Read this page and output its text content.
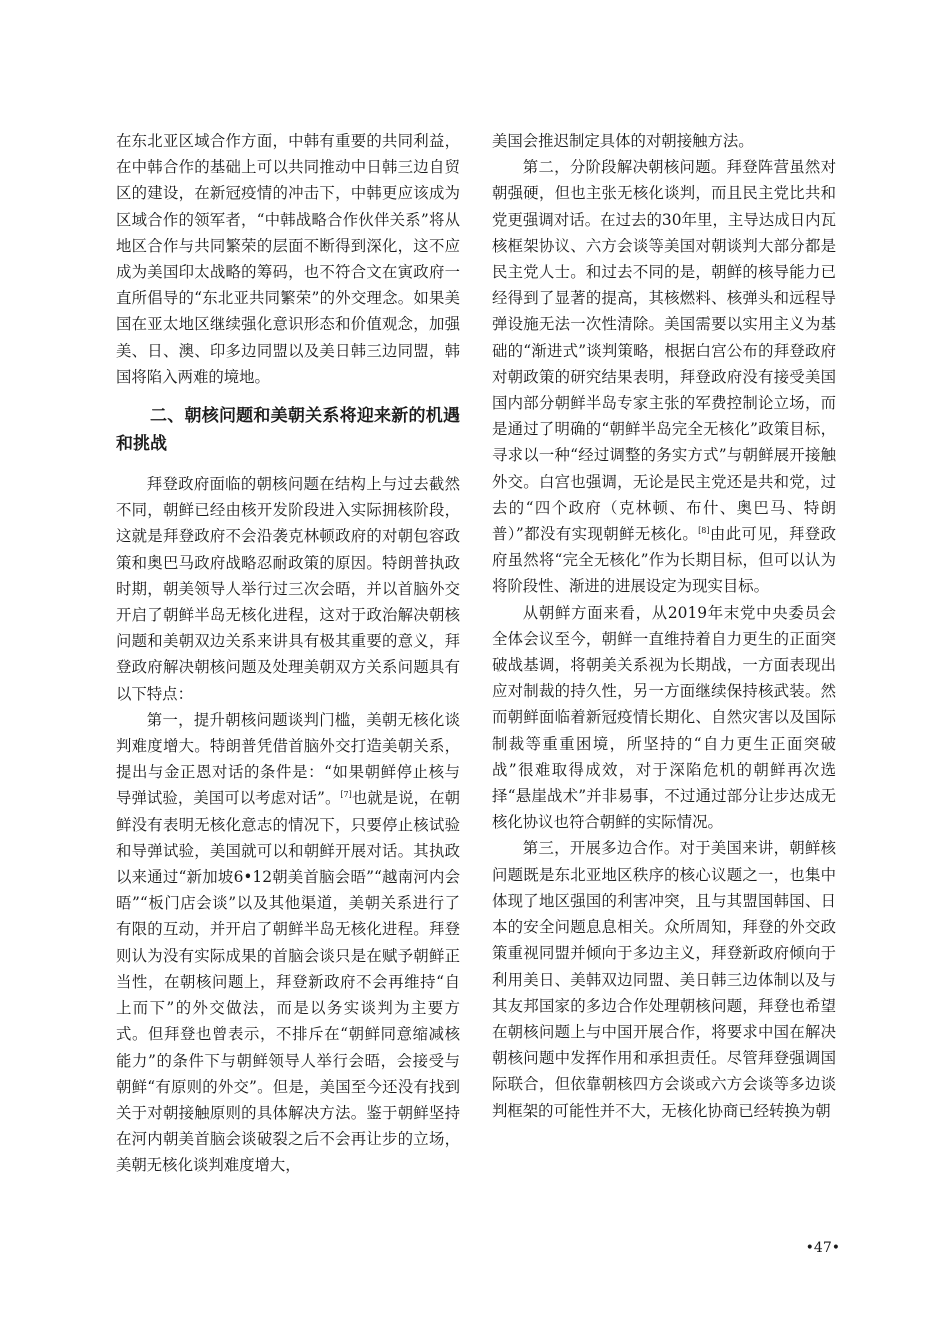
在东北亚区域合作方面，中韩有重要的共同利益，在中韩合作的基础上可以共同推动中日韩三边自贸区的建设，在新冠疫情的冲击下，中韩更应该成为区域合作的领军者，“中韩战略合作伙伴关系”将从地区合作与共同繁荣的层面不断得到深化，这不应成为美国印太战略的筹码，也不符合文在寅政府一直所倡导的“东北亚共同繁荣”的外交理念。如果美国在亚太地区继续强化意识形态和价值观念，加强美、日、澳、印多边同盟以及美日韩三边同盟，韩国将陷入两难的境地。

二、朝核问题和美朝关系将迎来新的机遇和挑战

拜登政府面临的朝核问题在结构上与过去截然不同，朝鲜已经由核开发阶段进入实际拥核阶段，这就是拜登政府不会沿袭克林顿政府的对朝包容政策和奥巴马政府战略忍耐政策的原因。特朗普执政时期，朝美领导人举行过三次会晤，并以首脑外交开启了朝鲜半岛无核化进程，这对于政治解决朝核问题和美朝双边关系来讲具有极其重要的意义，拜登政府解决朝核问题及处理美朝双方关系问题具有以下特点：

第一，提升朝核问题谈判门槛，美朝无核化谈判难度增大。特朗普凭借首脑外交打造美朝关系，提出与金正恩对话的条件是：“如果朝鲜停止核与导弹试验，美国可以考虑对话”。[7]也就是说，在朝鲜没有表明无核化意志的情况下，只要停止核试验和导弹试验，美国就可以和朝鲜开展对话。其执政以来通过“新加坡6•12朝美首脑会晤”“越南河内会晤”“板门店会谈”以及其他渠道，美朝关系进行了有限的互动，并开启了朝鲜半岛无核化进程。拜登则认为没有实际成果的首脑会谈只是在赋予朝鲜正当性，在朝核问题上，拜登新政府不会再维持“自上而下”的外交做法，而是以务实谈判为主要方式。但拜登也曾表示，不排斥在“朝鲜同意缩减核能力”的条件下与朝鲜领导人举行会晤，会接受与朝鲜“有原则的外交”。但是，美国至今还没有找到关于对朝接触原则的具体解决方法。鉴于朝鲜坚持在河内朝美首脑会谈破裂之后不会再让步的立场，美朝无核化谈判难度增大，

美国会推迟制定具体的对朝接触方法。

第二，分阶段解决朝核问题。拜登阵营虽然对朝强硬，但也主张无核化谈判，而且民主党比共和党更强调对话。在过去的30年里，主导达成日内瓦核框架协议、六方会谈等美国对朝谈判大部分都是民主党人士。和过去不同的是，朝鲜的核导能力已经得到了显著的提高，其核燃料、核弹头和远程导弹设施无法一次性清除。美国需要以实用主义为基础的“渐进式”谈判策略，根据白宫公布的拜登政府对朝政策的研究结果表明，拜登政府没有接受美国国内部分朝鲜半岛专家主张的军费控制论立场，而是通过了明确的“朝鲜半岛完全无核化”政策目标，寻求以一种“经过调整的务实方式”与朝鲜展开接触外交。白宫也强调，无论是民主党还是共和党，过去的“四个政府（克林顿、布什、奥巴马、特朗普）”都没有实现朝鲜无核化。[8]由此可见，拜登政府虽然将“完全无核化”作为长期目标，但可以认为将阶段性、渐进的进展设定为现实目标。

从朝鲜方面来看，从2019年末党中央委员会全体会议至今，朝鲜一直维持着自力更生的正面突破战基调，将朝美关系视为长期战，一方面表现出应对制裁的持久性，另一方面继续保持核武装。然而朝鲜面临着新冠疫情长期化、自然灾害以及国际制裁等重重困境，所坚持的“自力更生正面突破战”很难取得成效，对于深陷危机的朝鲜再次选择“悬崖战术”并非易事，不过通过部分让步达成无核化协议也符合朝鲜的实际情况。

第三，开展多边合作。对于美国来讲，朝鲜核问题既是东北亚地区秩序的核心议题之一，也集中体现了地区强国的利害冲突，且与其盟国韩国、日本的安全问题息息相关。众所周知，拜登的外交政策重视同盟并倾向于多边主义，拜登新政府倾向于利用美日、美韩双边同盟、美日韩三边体制以及与其友邦国家的多边合作处理朝核问题，拜登也希望在朝核问题上与中国开展合作，将要求中国在解决朝核问题中发挥作用和承担责任。尽管拜登强调国际联合，但依靠朝核四方会谈或六方会谈等多边谈判框架的可能性并不大，无核化协商已经转换为朝

•47•
